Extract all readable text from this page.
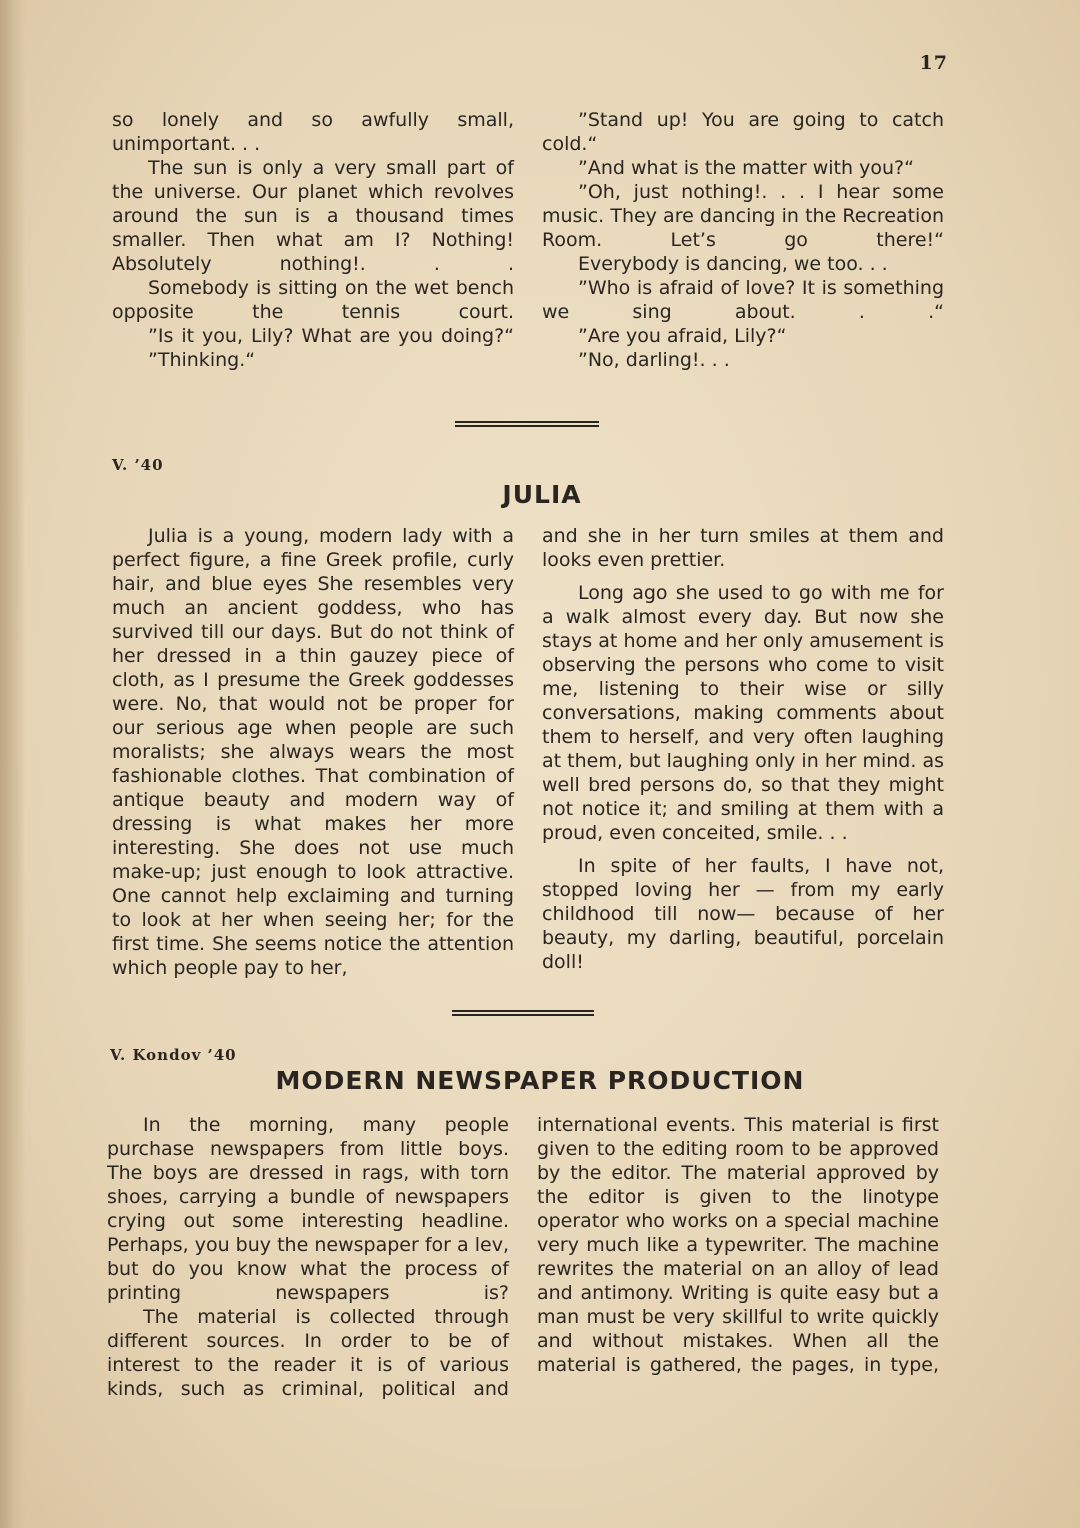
17

so lonely and so awfully small, unimportant. . .

The sun is only a very small part of the universe. Our planet which revolves around the sun is a thousand times smaller. Then what am I? Nothing! Absolutely nothing!. . .

Somebody is sitting on the wet bench opposite the tennis court.

”Is it you, Lily? What are you doing?“

”Thinking.“

”Stand up! You are going to catch cold.“

”And what is the matter with you?“

”Oh, just nothing!. . . I hear some music. They are dancing in the Recreation Room. Let’s go there!“

Everybody is dancing, we too. . .

”Who is afraid of love? It is something we sing about. . .“

”Are you afraid, Lily?“

”No, darling!. . .

V. ’40
JULIA

Julia is a young, modern lady with a perfect figure, a fine Greek profile, curly hair, and blue eyes She resembles very much an ancient goddess, who has survived till our days. But do not think of her dressed in a thin gauzey piece of cloth, as I presume the Greek goddesses were. No, that would not be proper for our serious age when people are such moralists; she always wears the most fashionable clothes. That combination of antique beauty and modern way of dressing is what makes her more interesting. She does not use much make-up; just enough to look attractive. One cannot help exclaiming and turning to look at her when seeing her; for the first time. She seems notice the attention which people pay to her,

and she in her turn smiles at them and looks even prettier.

Long ago she used to go with me for a walk almost every day. But now she stays at home and her only amusement is observing the persons who come to visit me, listening to their wise or silly conversations, making comments about them to herself, and very often laughing at them, but laughing only in her mind. as well bred persons do, so that they might not notice it; and smiling at them with a proud, even conceited, smile. . .

In spite of her faults, I have not, stopped loving her — from my early childhood till now— because of her beauty, my darling, beautiful, porcelain doll!

V. Kondov ’40
MODERN NEWSPAPER PRODUCTION

In the morning, many people purchase newspapers from little boys. The boys are dressed in rags, with torn shoes, carrying a bundle of newspapers crying out some interesting headline. Perhaps, you buy the newspaper for a lev, but do you know what the process of printing newspapers is?

The material is collected through different sources. In order to be of interest to the reader it is of various kinds, such as criminal, political and

international events. This material is first given to the editing room to be approved by the editor. The material approved by the editor is given to the linotype operator who works on a special machine very much like a typewriter. The machine rewrites the material on an alloy of lead and antimony. Writing is quite easy but a man must be very skillful to write quickly and without mistakes. When all the material is gathered, the pages, in type,
